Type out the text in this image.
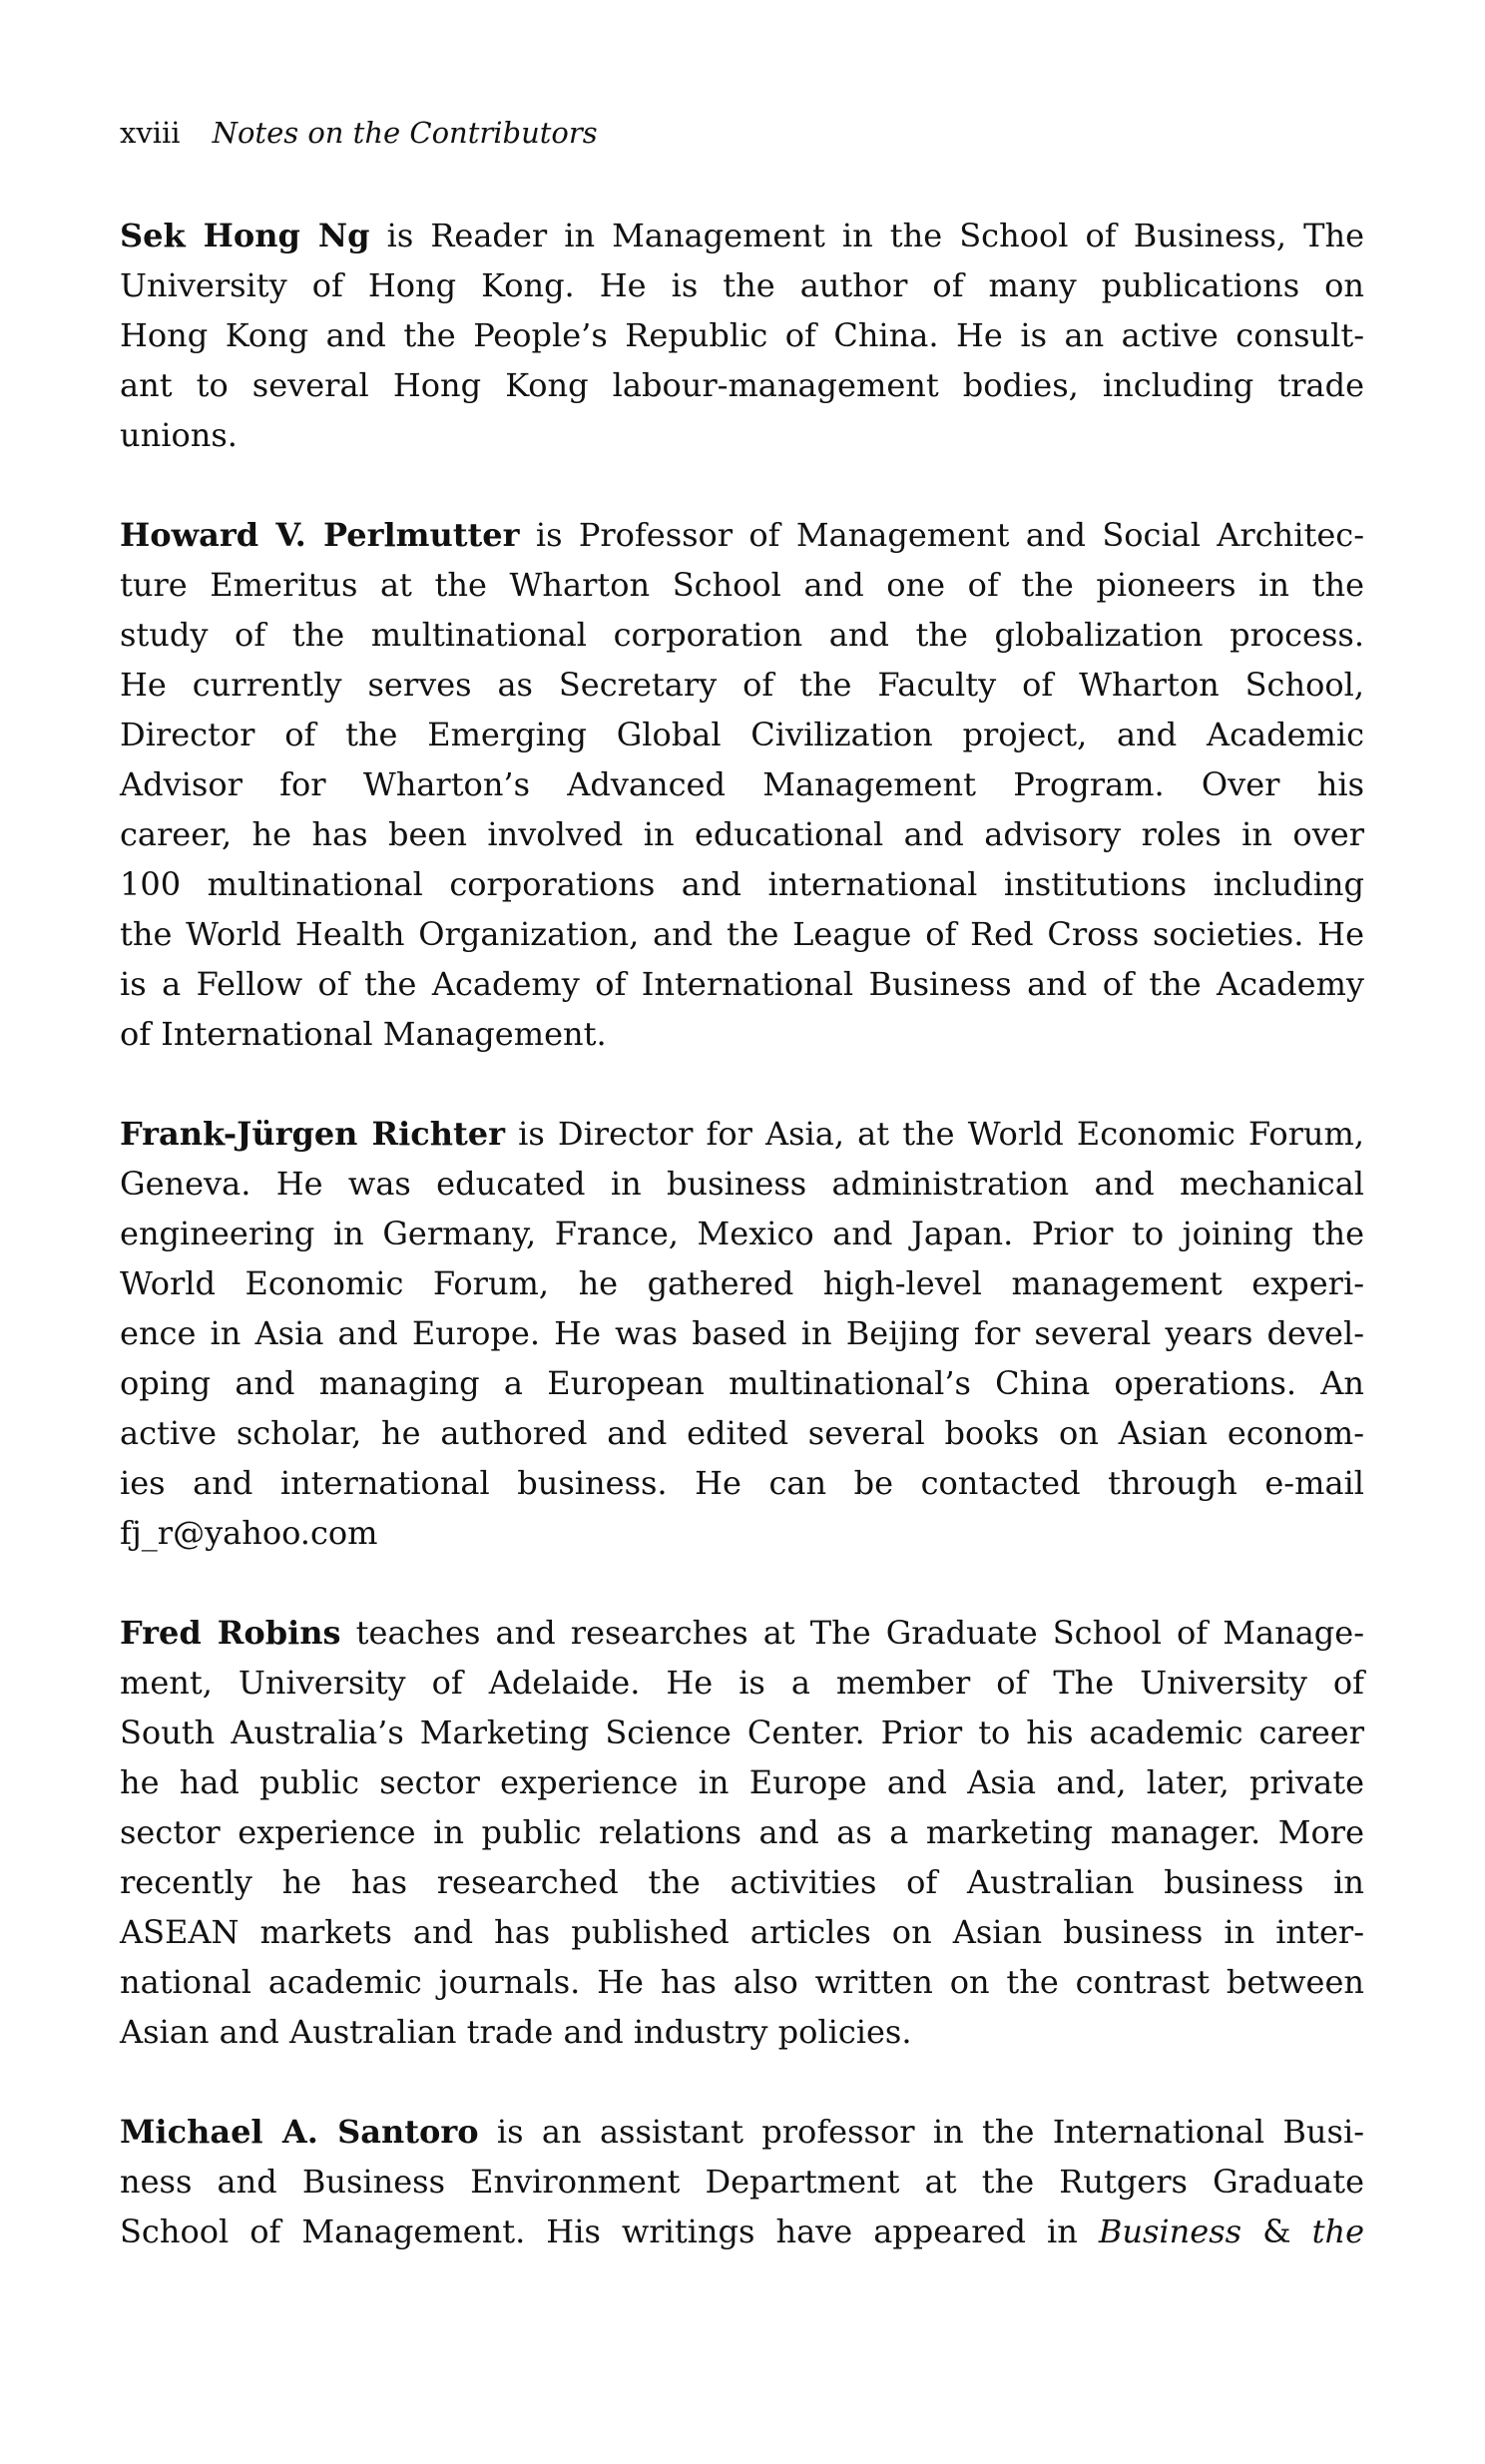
xviii Notes on the Contributors
Sek Hong Ng is Reader in Management in the School of Business, The
University of Hong Kong. He is the author of many publications on
Hong Kong and the People’s Republic of China. He is an active consult-
ant to several Hong Kong labour-management bodies, including trade
unions.
Howard V. Perlmutter is Professor of Management and Social Architec-
ture Emeritus at the Wharton School and one of the pioneers in the
study of the multinational corporation and the globalization process.
He currently serves as Secretary of the Faculty of Wharton School,
Director of the Emerging Global Civilization project, and Academic
Advisor for Wharton’s Advanced Management Program. Over his
career, he has been involved in educational and advisory roles in over
100 multinational corporations and international institutions including
the World Health Organization, and the League of Red Cross societies. He
is a Fellow of the Academy of International Business and of the Academy
of International Management.
Frank-Jürgen Richter is Director for Asia, at the World Economic Forum,
Geneva. He was educated in business administration and mechanical
engineering in Germany, France, Mexico and Japan. Prior to joining the
World Economic Forum, he gathered high-level management experi-
ence in Asia and Europe. He was based in Beijing for several years devel-
oping and managing a European multinational’s China operations. An
active scholar, he authored and edited several books on Asian econom-
ies and international business. He can be contacted through e-mail
fj_r@yahoo.com
Fred Robins teaches and researches at The Graduate School of Manage-
ment, University of Adelaide. He is a member of The University of
South Australia’s Marketing Science Center. Prior to his academic career
he had public sector experience in Europe and Asia and, later, private
sector experience in public relations and as a marketing manager. More
recently he has researched the activities of Australian business in
ASEAN markets and has published articles on Asian business in inter-
national academic journals. He has also written on the contrast between
Asian and Australian trade and industry policies.
Michael A. Santoro is an assistant professor in the International Busi-
ness and Business Environment Department at the Rutgers Graduate
School of Management. His writings have appeared in Business & the
